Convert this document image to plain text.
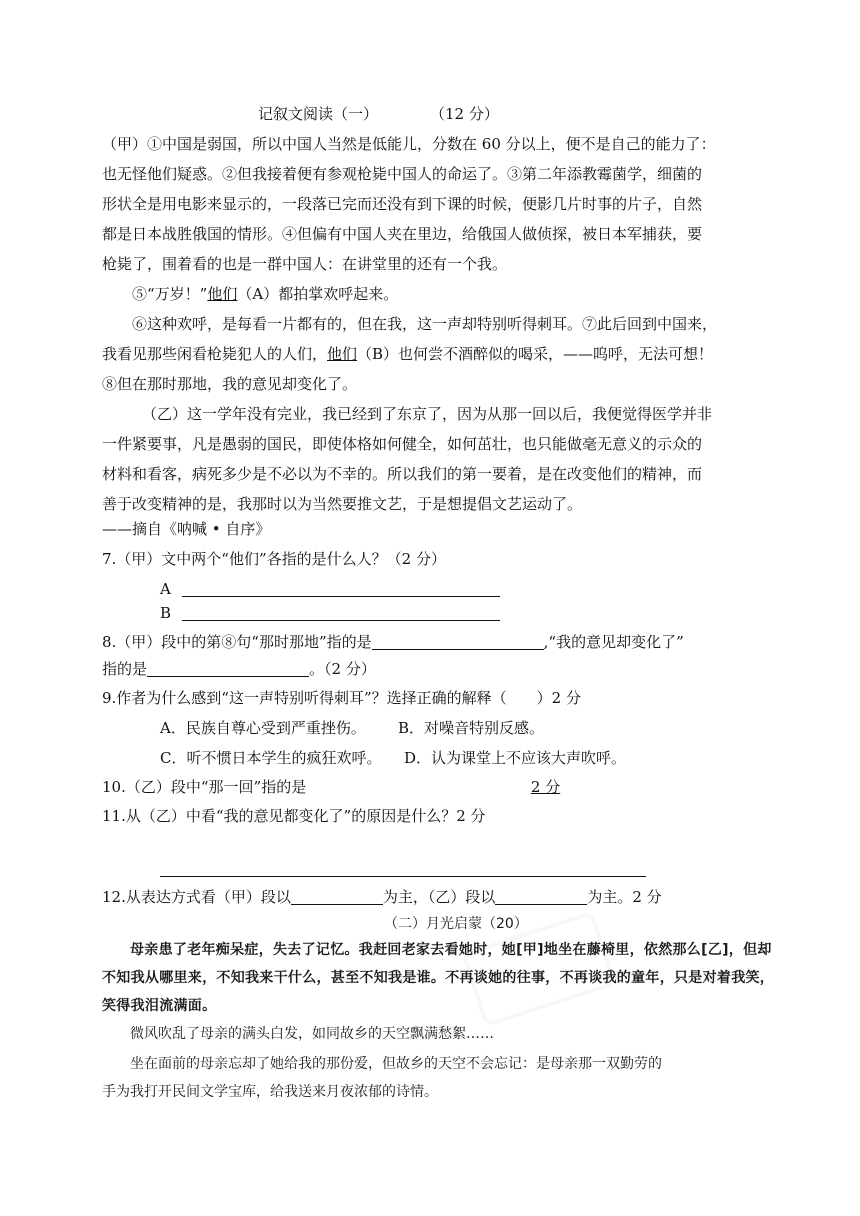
记叙文阅读（一）	（12 分）
（甲）①中国是弱国，所以中国人当然是低能儿，分数在 60 分以上，便不是自己的能力了：
也无怪他们疑惑。②但我接着便有参观枪毙中国人的命运了。③第二年添教霉菌学，细菌的
形状全是用电影来显示的，一段落已完而还没有到下课的时候，便影几片时事的片子，自然
都是日本战胜俄国的情形。④但偏有中国人夹在里边，给俄国人做侦探，被日本军捕获，要
枪毙了，围着看的也是一群中国人：在讲堂里的还有一个我。
⑤“万岁！”他们（A）都拍掌欢呼起来。
⑥这种欢呼，是每看一片都有的，但在我，这一声却特别听得刺耳。⑦此后回到中国来，
我看见那些闲看枪毙犯人的人们，他们（B）也何尝不酒醉似的喝采，——呜呼，无法可想！
⑧但在那时那地，我的意见却变化了。
（乙）这一学年没有完业，我已经到了东京了，因为从那一回以后，我便觉得医学并非
一件紧要事，凡是愚弱的国民，即使体格如何健全，如何茁壮，也只能做毫无意义的示众的
材料和看客，病死多少是不必以为不幸的。所以我们的第一要着，是在改变他们的精神，而
善于改变精神的是，我那时以为当然要推文艺，于是想提倡文艺运动了。
——摘自《呐喊 • 自序》
7.（甲）文中两个“他们”各指的是什么人？（2 分）
A
B
8.（甲）段中的第⑧句“那时那地”指的是	,“我的意见却变化了”
指的是	。（2 分）
9.作者为什么感到“这一声特别听得刺耳”？选择正确的解释（　　）2 分
A．民族自尊心受到严重挫伤。 B．对噪音特别反感。
C．听不惯日本学生的疯狂欢呼。 D．认为课堂上不应该大声吹呼。
10.（乙）段中“那一回”指的是	2 分
11.从（乙）中看“我的意见都变化了”的原因是什么？2 分
12.从表达方式看（甲）段以	为主，（乙）段以	为主。2 分
（二）月光启蒙（20）
母亲患了老年痴呆症，失去了记忆。我赶回老家去看她时，她[甲]地坐在藤椅里，依然那么[乙]，但却
不知我从哪里来，不知我来干什么，甚至不知我是谁。不再谈她的往事，不再谈我的童年，只是对着我笑，
笑得我泪流满面。
微风吹乱了母亲的满头白发，如同故乡的天空飘满愁絮……
坐在面前的母亲忘却了她给我的那份爱，但故乡的天空不会忘记：是母亲那一双勤劳的
手为我打开民间文学宝库，给我送来月夜浓郁的诗情。
